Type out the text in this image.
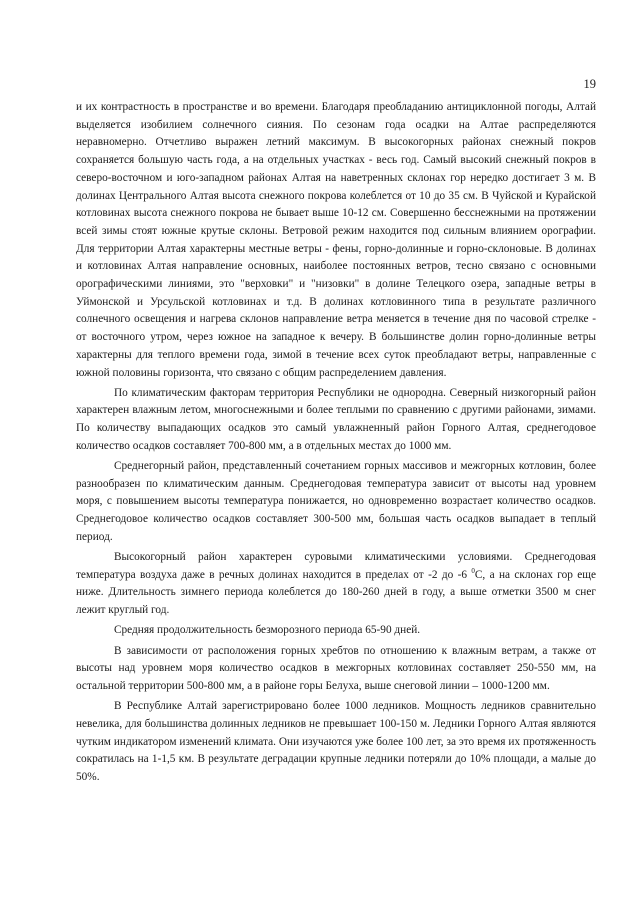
19

и их контрастность в пространстве и во времени. Благодаря преобладанию антициклонной погоды, Алтай выделяется изобилием солнечного сияния. По сезонам года осадки на Алтае распределяются неравномерно. Отчетливо выражен летний максимум. В высокогорных районах снежный покров сохраняется большую часть года, а на отдельных участках - весь год. Самый высокий снежный покров в северо-восточном и юго-западном районах Алтая на наветренных склонах гор нередко достигает 3 м. В долинах Центрального Алтая высота снежного покрова колеблется от 10 до 35 см. В Чуйской и Курайской котловинах высота снежного покрова не бывает выше 10-12 см. Совершенно бесснежными на протяжении всей зимы стоят южные крутые склоны. Ветровой режим находится под сильным влиянием орографии. Для территории Алтая характерны местные ветры - фены, горно-долинные и горно-склоновые. В долинах и котловинах Алтая направление основных, наиболее постоянных ветров, тесно связано с основными орографическими линиями, это "верховки" и "низовки" в долине Телецкого озера, западные ветры в Уймонской и Урсульской котловинах и т.д. В долинах котловинного типа в результате различного солнечного освещения и нагрева склонов направление ветра меняется в течение дня по часовой стрелке - от восточного утром, через южное на западное к вечеру. В большинстве долин горно-долинные ветры характерны для теплого времени года, зимой в течение всех суток преобладают ветры, направленные с южной половины горизонта, что связано с общим распределением давления.

По климатическим факторам территория Республики не однородна. Северный низкогорный район характерен влажным летом, многоснежными и более теплыми по сравнению с другими районами, зимами. По количеству выпадающих осадков это самый увлажненный район Горного Алтая, среднегодовое количество осадков составляет 700-800 мм, а в отдельных местах до 1000 мм.

Среднегорный район, представленный сочетанием горных массивов и межгорных котловин, более разнообразен по климатическим данным. Среднегодовая температура зависит от высоты над уровнем моря, с повышением высоты температура понижается, но одновременно возрастает количество осадков. Среднегодовое количество осадков составляет 300-500 мм, большая часть осадков выпадает в теплый период.

Высокогорный район характерен суровыми климатическими условиями. Среднегодовая температура воздуха даже в речных долинах находится в пределах от -2 до -6 $^0$С, а на склонах гор еще ниже. Длительность зимнего периода колеблется до 180-260 дней в году, а выше отметки 3500 м снег лежит круглый год.

Средняя продолжительность безморозного периода 65-90 дней.

В зависимости от расположения горных хребтов по отношению к влажным ветрам, а также от высоты над уровнем моря количество осадков в межгорных котловинах составляет 250-550 мм, на остальной территории 500-800 мм, а в районе горы Белуха, выше снеговой линии – 1000-1200 мм.

В Республике Алтай зарегистрировано более 1000 ледников. Мощность ледников сравнительно невелика, для большинства долинных ледников не превышает 100-150 м. Ледники Горного Алтая являются чутким индикатором изменений климата. Они изучаются уже более 100 лет, за это время их протяженность сократилась на 1-1,5 км. В результате деградации крупные ледники потеряли до 10% площади, а малые до 50%.
